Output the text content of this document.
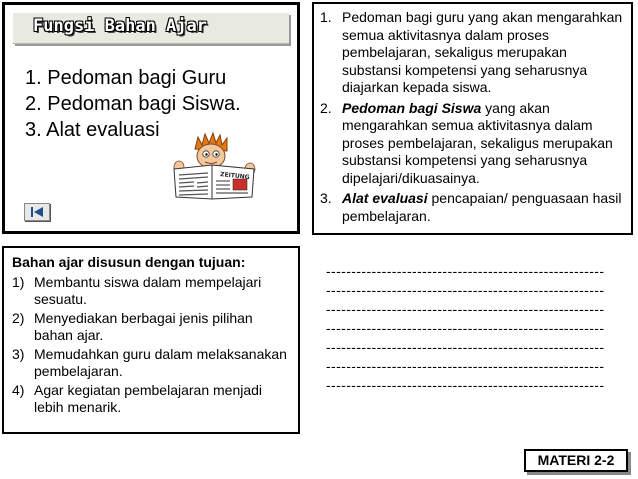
Fungsi Bahan Ajar
1. Pedoman bagi Guru
2. Pedoman bagi Siswa.
3. Alat evaluasi
ZEITUNG
1. Pedoman bagi guru yang akan mengarahkan semua aktivitasnya dalam proses pembelajaran, sekaligus merupakan substansi kompetensi yang seharusnya diajarkan kepada siswa.
2. Pedoman bagi Siswa yang akan mengarahkan semua aktivitasnya dalam proses pembelajaran, sekaligus merupakan substansi kompetensi yang seharusnya dipelajari/dikuasainya.
3. Alat evaluasi pencapaian/ penguasaan hasil pembelajaran.
Bahan ajar disusun dengan tujuan:
1) Membantu siswa dalam mempelajari sesuatu.
2) Menyediakan berbagai jenis pilihan bahan ajar.
3) Memudahkan guru dalam melaksanakan pembelajaran.
4) Agar kegiatan pembelajaran menjadi lebih menarik.
-------------------------------------------------------
-------------------------------------------------------
-------------------------------------------------------
-------------------------------------------------------
-------------------------------------------------------
-------------------------------------------------------
-------------------------------------------------------
MATERI 2-2
